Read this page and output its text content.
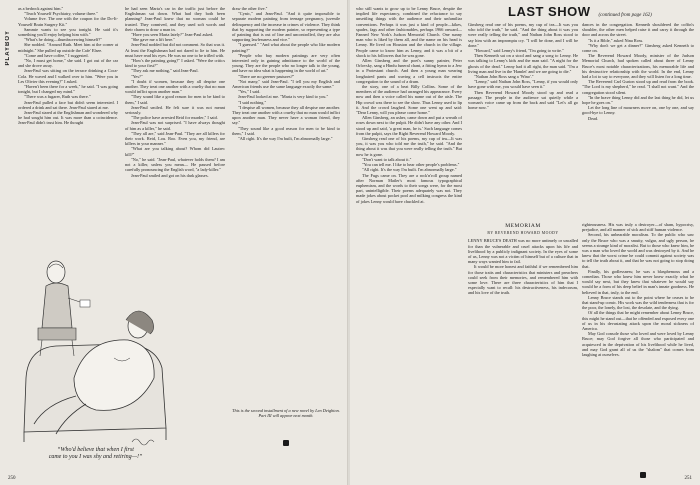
PLAYBOY

as a bedrock against him."

"Teach Yourself Psychiatry, volume three."

Volume five. The one with the coupon for the Do-It-Yourself Brain Surgery Kit."

Sammie wants to see you tonight. He said it's something you'll enjoy helping him with."

"What's he doing—thumbscrewing himself?"

She nodded. "Around Ruth. Meet him at the corner at midnight." She pulled up outside the Cafe' Elsee.

"Come and have coffee," I suggested.

"No, I must get home," she said. I got out of the car and she drove away.

Jean-Paul was sitting on the terrace drinking a Coca-Cola. He waved and I walked over to him. "Were you in Les Olivier this evening?" I asked.

"Haven't been there for a week," he said. "I was going tonight, but I changed my mind."

"There was a fugarer, Ruth was there."

Jean-Paul pulled a face but didn't seem interested. I ordered a drink and sat there. Jean-Paul stared at me.

Jean-Paul stared at the Englishman and wondered why he had sought him out. It was more than a coincidence. Jean-Paul didn't trust him. He thought

he had seen Marta's car in the traffic just before the Englishman sat down. What had they both been planning? Jean-Paul knew that no woman could be trusted. They connived, and they used soft words and their charm to draw a man in.

"Have you seen Marta lately?" Jean-Paul asked.

"She gave me a lift here."

Jean-Paul nodded but did not comment. So that was it. At least the Englishman had not dared to lie to him. He must have read his eyes. He was no one to be trifled with.

"How's the painting going?" I asked. "Were the critics kind to your first?"

"They ask me nothing," said Jean-Paul.

"Yes?"

"I doubt if women, because they all despise one another. They treat one another with a cruelty that no man would inflict upon another man."

"They sound like a good reason for men to be kind to them," I said.

Jean-Paul smiled. He felt sure it was not meant seriously.

"The police have arrested Reid for murder," I said.

Jean-Paul was not surprised. "I have always thought of him as a killer," he said.

"They all are," said Jean-Paul. "They are all killers for their work. Reid, Lou. Roo. Even you, my friend, are killers in your manner."

"What are you talking about? Whom did Lautrec kill?"

"No," he said. "Jean-Paul, whatever holds them? I am not a killer, unless you mean— He paused before carefully pronouncing the English word, "a lady-killer."

Jean-Paul smiled and got on his dark glasses.

draw the other five."

"Cynic," and Jean-Paul. "And it quite impossible to separate modern painting from teenage pregnancy, juvenile delinquency and the increase in crimes of violence. They think that by supporting the modern painter, so representing a type of painting that is out of line and uncontrolled, they are also supporting lawlessness and vice."

"I guessed." "And what about the people who like modern painting?"

"People who buy modern paintings are very often interested only in gaining admittance to the world of the young. They are the people who no longer talk to the young, and have no idea what is happening in the world of art."

"There are no greener pastures?"

"Not many," said Jean-Paul. "I tell you my English and American friends use the same language exactly the same."

"Yes," I said.

Jean-Paul looked at me. "Marta is very kind to you."

"I said nothing."

"I despise all women, because they all despise one another. They treat one another with a cruelty that no man would inflict upon another man. They never have a woman friend, they say."

"They sound like a good reason for men to be kind to them," I said.

"All right. It's the way I'm built, I'm abnormally large."

This is the second installment of a new novel by Len Deighton. Part III will appear next month.

“Who'd believe that when I first
came to you I was shy and retiring—!”
250

who still wants to grow up to be Lenny Bruce, despite the implied life expectancy, combined the reluctance to say unsettling things with the audience and their unfamiliar conventions. Perhaps it was just a kind of people—kikes, spades, fags and other fashionables, perhaps 1966 onward—Fanned New York's Judson Memorial Church. One sunny man who is liked by them all, and the name on his head is Lenny. He lived on Houston and the church in the village. People came to know him as Lenny, and it was a bit of a shock to his followers that he was gone.

Allen Ginsberg and the poet's sunny painter, Peter Orlovsky, sang a Hindu funeral chant, a fitting hymn to a Jew in a Protestant church. And then a young man wearing longhaired pants and waving a cell instructs the entire congregation to the sound of a drum.

the story, one of a beat Billy Collins. Some of the members of the audience had arranged his appearance. Every now and then a voice called his name out of the aisle. The Hip crowd was there to see the show. Thus Lenny used to lip it. And the crowd laughed. Some one went up and said: "Dear Lenny, will you please come home."

Allen Ginsberg, an usher, came down and put a wreath of roses down next to the pulpit. He didn't have any other. And I stood up and said, 'a great man, he is.' Such language comes from the pulpit, says the Right Reverend Howard Moody.

Ginsberg read one of his poems, my cup of tea—It was you, it was you who told me the truth," he said. "And the thing about it was that you were really telling the truth." But now he is gone.

"Don't want to talk about it."

"You can tell me. I like to hear other people's problems."

"All right. It's the way I'm built. I'm abnormally large."

The Fugs came on. They are a rock'n'roll group named after Norman Mailer's most famous typographical euphemism, and the words to their songs were, for the most part, unintelligible. Their poems adequately was not. They made jokes about pocket pool and milking congress the kind of jokes Lenny would have chuckled at.

LAST SHOW (continued from page 162)

Ginsberg read one of his poems, my cup of tea—It was you who told the truth," he said. "And the thing about it was you were really telling the truth," and Nathan John Ross stood to say him with an impromptu cry. "I will be done, and I will be done."

"Howard," said Lenny's friend, "I'm going to write."

Then Kenneth sat on a stool and sang a song to Lenny. He was talking to Lenny's kids and the man said. "A night for the ghosts of the dead." Lenny had it all right, the man said. "I'm a living man and live in the 'Hamlet' and we are going to die."

"Nathan John Ross sang a 'Wino'."

"Lenny," said Nathan John Ross, "Lenny, if you would only have gone with me, you would have seen it."

Then Reverend Howard Moody stood up and read a passage. The people in the audience sat quietly while a woman's voice came up from the back and said "Let's all go home now."

dances in the congregation. Kenneth shouldered the coffin's shoulder, the other men helped raise it and carry it through the door and across the street.

"Is it a Bible," asked Nina Ross.

"Why don't we get a dinner?" Ginsberg asked Kenneth to come on.

The Reverend Howard Moody, minister of the Judson Memorial Church, had spoken called about three of Lenny Bruce's most notable characterizations, his memorable life and his destructive relationship with the world. In the end, Lenny had a lot to say to everyone, and they will listen for a long time.

The Reverend Carl Gurion stood up and read from the book. "The Lord is my shepherd," he read. "I shall not want." And the congregation stood silent.

"In the brave thing Lenny did and the last thing he did, let us hope he goes on."

Let the long line of mourners move on, one by one, and say good-bye to Lenny.

Dead.

MEMORIAM

BY REVEREND HOWARD MOODY

LENNY BRUCE'S DEATH was no more untimely or uncalled for than the vulnerable and cruel attacks upon his life and livelihood by a publicly indignant society. In the eyes of some of us, Lenny was not a victim of himself but of a culture that in many ways wanted him to fail.

It would be more honest and faithful if we remembered him for those traits and characteristics that ministers and preachers could seek from their memories, and remembered him with some love. There are three characteristics of him that I especially want to recall: his destructiveness, his indecorum, and his love of the truth.

righteousness. His was truly a destroyer—of sham, hypocrisy, prejudice, and all manner of sick and stiff human violence.

Second, his unbearable moralism. To the public who saw only the Bruce who was a smutty, vulgar, and ugly person, he seems a strange kind of moralist. But to those who knew him, he was a man who loved the world and was destroyed by it. And he knew that the worst crime he could commit against society was to tell the truth about it, and that he was not going to stop doing that.

Finally, his godlessness; he was a blasphemous and a comedian. Those who knew him never knew exactly what he would say next, but they knew that whatever he would say would be a form of his deep belief in man's innate goodness. He believed in that, truly, to the end.

Lenny Bruce stands out to the point where he ceases to be that stand-up comic. His work was the wild tenderness that is for the poor, the lonely, the lost, the desolate, and the dying.

Of all the things that he might remember about Lenny Bruce, this might he stand out—that he offended and exposed every one of us in his devastating attack upon the moral sickness of America.

May God console those who loved and were loved by Lenny Bruce; may God forgive all those who participated and acquiesced in the deprivation of his livelihood while he lived, and may God grant all of us the "shalom" that comes from laughing at ourselves.

251
